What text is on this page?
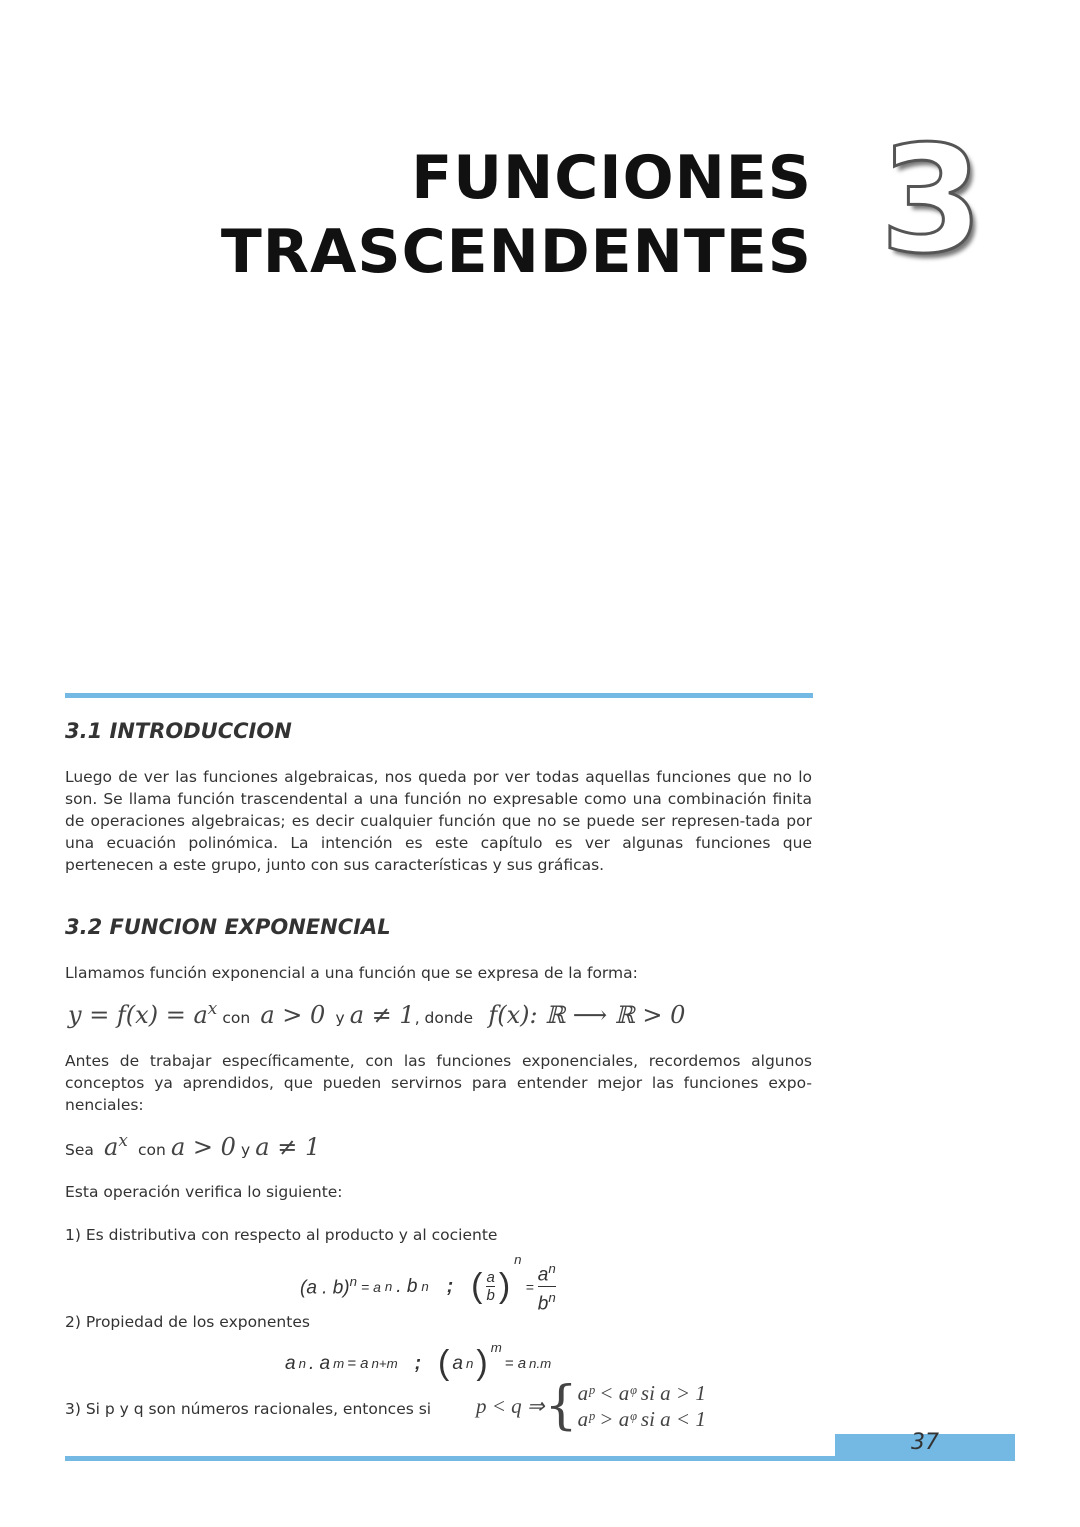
FUNCIONES
TRASCENDENTES 3
3.1 INTRODUCCION
Luego de ver las funciones algebraicas, nos queda por ver todas aquellas funciones que no lo son. Se llama función trascendental a una función no expresable como una combinación finita de operaciones algebraicas; es decir cualquier función que no se puede ser represen-tada por una ecuación polinómica. La intención es este capítulo es ver algunas funciones que pertenecen a este grupo, junto con sus características y sus gráficas.
3.2 FUNCION EXPONENCIAL
Llamamos función exponencial a una función que se expresa de la forma:
$y = f(x) = a^x$ con a > 0 y a ≠ 1, donde f(x): ℝ ⟶ ℝ > 0
Antes de trabajar específicamente, con las funciones exponenciales, recordemos algunos conceptos ya aprendidos, que pueden servirnos para entender mejor las funciones expo-nenciales:
Sea $a^x$ con a > 0 y a ≠ 1
Esta operación verifica lo siguiente:
1) Es distributiva con respecto al producto y al cociente
(a . b)$^n$ = a n . b n ; ( $\frac{a}{b}$ )
n
= $\frac{a^n}{b^n}$
2) Propiedad de los exponentes
a n . a m = a n+m ; ( a n )$^m$
= a n.m
3) Si p y q son números racionales, entonces si	p < q ⇒ { aᵖ < aᵠ si a > 1
aᵖ > aᵠ si a < 1
37
